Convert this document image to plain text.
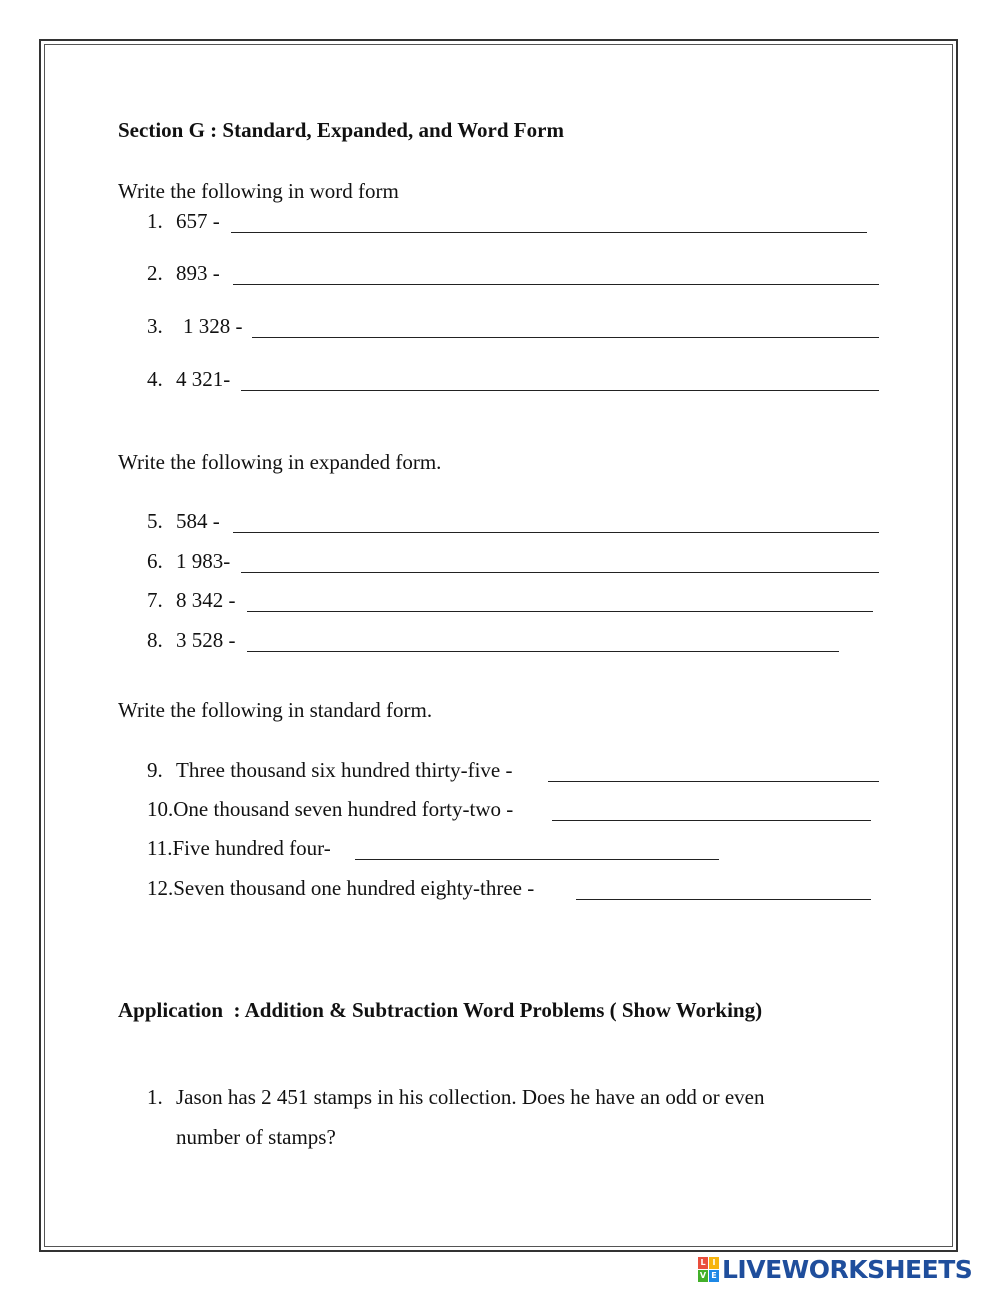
Section G : Standard, Expanded, and Word Form
Write the following in word form
1. 657 -
2. 893 -
3. 1 328 -
4. 4 321-
Write the following in expanded form.
5. 584 -
6. 1 983-
7. 8 342 -
8. 3 528 -
Write the following in standard form.
9. Three thousand six hundred thirty-five -
10.One thousand seven hundred forty-two -
11.Five hundred four-
12.Seven thousand one hundred eighty-three -
Application  : Addition & Subtraction Word Problems ( Show Working)
1. Jason has 2 451 stamps in his collection. Does he have an odd or even
number of stamps?
L I
V E LIVEWORKSHEETS
